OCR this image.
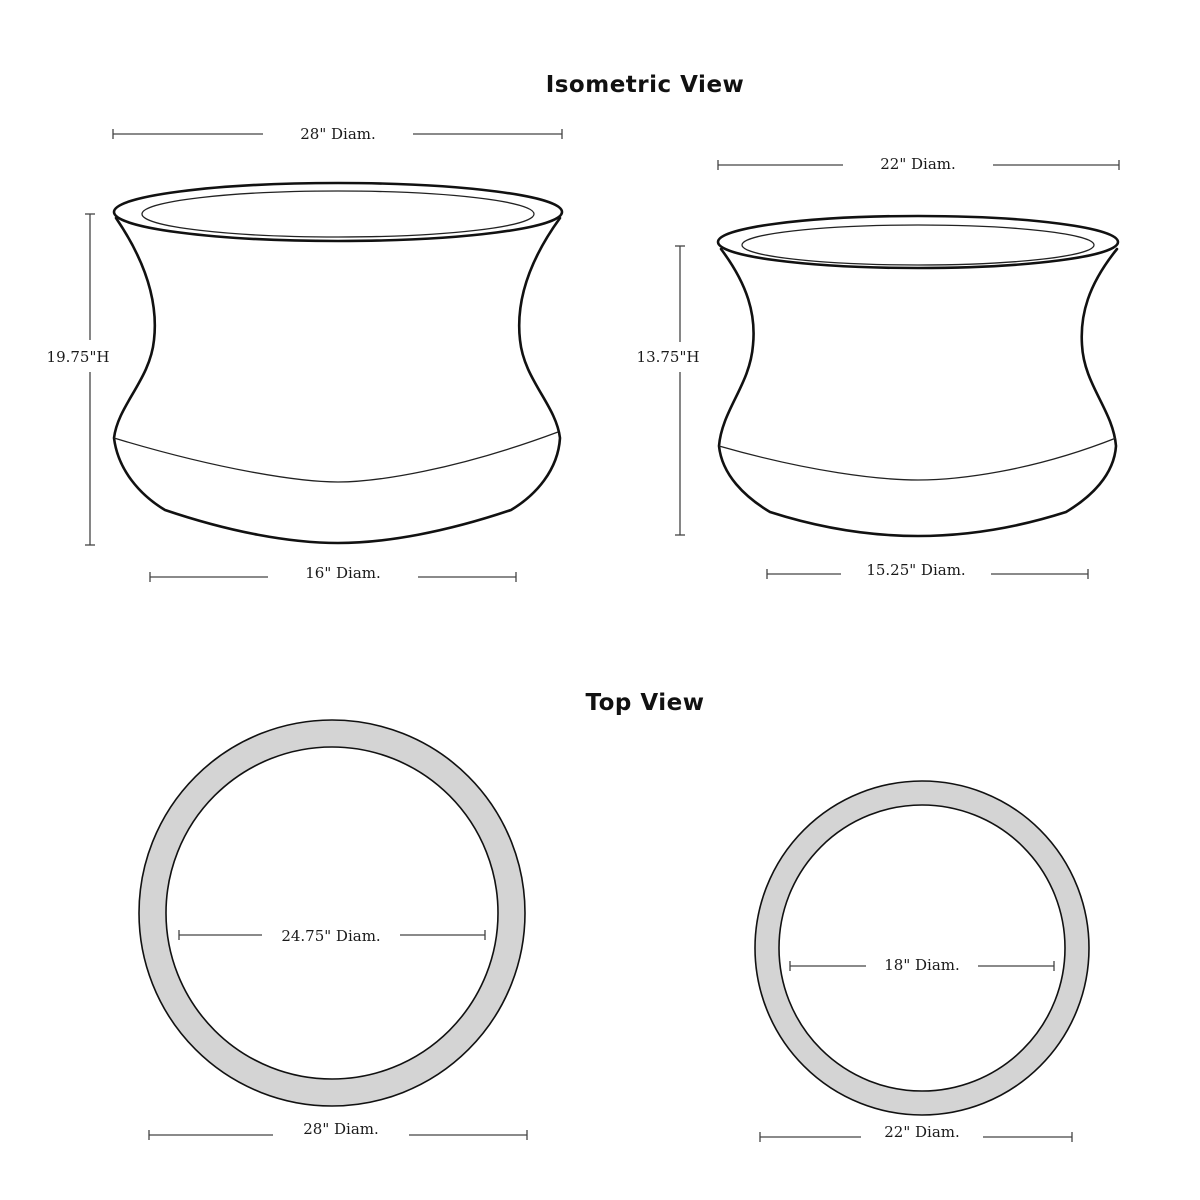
Isometric View
Top View
28" Diam.
19.75"H
16" Diam.
22" Diam.
13.75"H
15.25" Diam.
24.75" Diam.
28" Diam.
18" Diam.
22" Diam.
